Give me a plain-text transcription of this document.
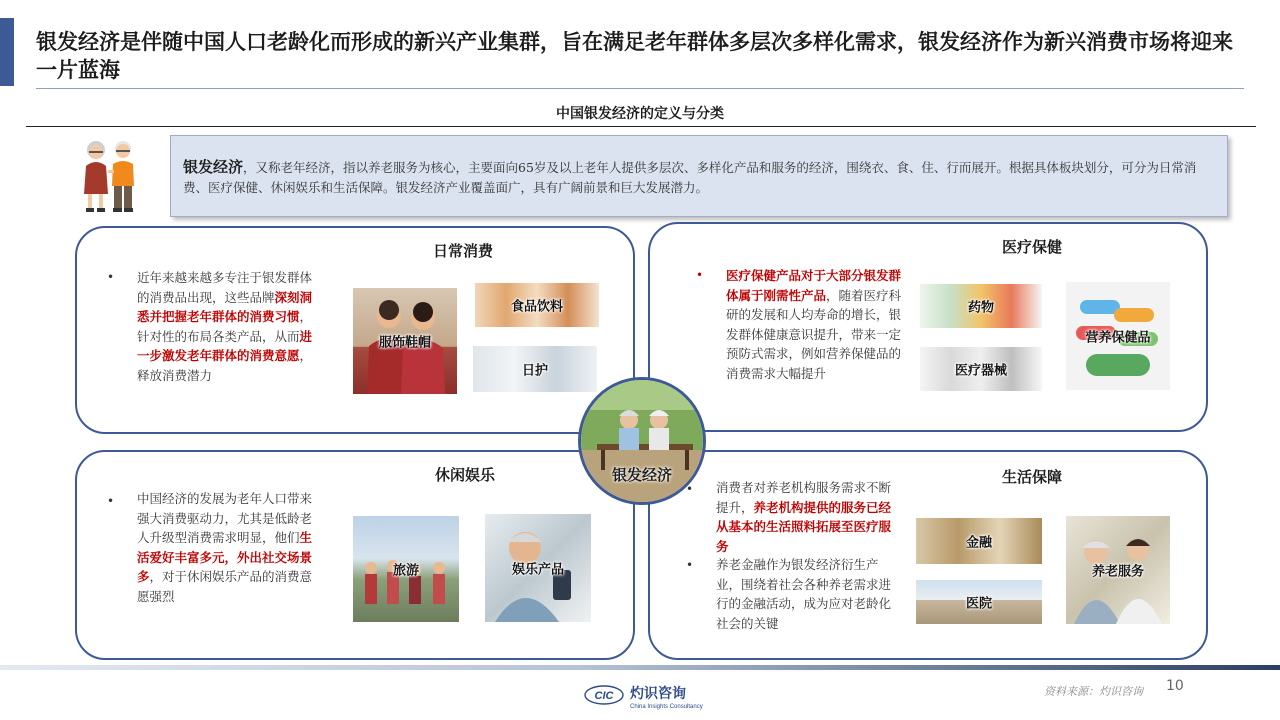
银发经济是伴随中国人口老龄化而形成的新兴产业集群，旨在满足老年群体多层次多样化需求，银发经济作为新兴消费市场将迎来一片蓝海
中国银发经济的定义与分类
银发经济，又称老年经济，指以养老服务为核心，主要面向65岁及以上老年人提供多层次、多样化产品和服务的经济，围绕衣、食、住、行而展开。根据具体板块划分，可分为日常消费、医疗保健、休闲娱乐和生活保障。银发经济产业覆盖面广，具有广阔前景和巨大发展潜力。
日常消费
• 近年来越来越多专注于银发群体的消费品出现，这些品牌深刻洞悉并把握老年群体的消费习惯，针对性的布局各类产品，从而进一步激发老年群体的消费意愿，释放消费潜力
服饰鞋帽
食品饮料
日护
医疗保健
• 医疗保健产品对于大部分银发群体属于刚需性产品，随着医疗科研的发展和人均寿命的增长，银发群体健康意识提升，带来一定预防式需求，例如营养保健品的消费需求大幅提升
药物
医疗器械
营养保健品
休闲娱乐
• 中国经济的发展为老年人口带来强大消费驱动力，尤其是低龄老人升级型消费需求明显，他们生活爱好丰富多元，外出社交场景多，对于休闲娱乐产品的消费意愿强烈
旅游	娱乐产品
生活保障
• 消费者对养老机构服务需求不断提升，养老机构提供的服务已经从基本的生活照料拓展至医疗服务
• 养老金融作为银发经济衍生产业，围绕着社会各种养老需求进行的金融活动，成为应对老龄化社会的关键
金融
医院
养老服务
银发经济
CIC 灼识咨询
China Insights Consultancy
资料来源：灼识咨询 10
